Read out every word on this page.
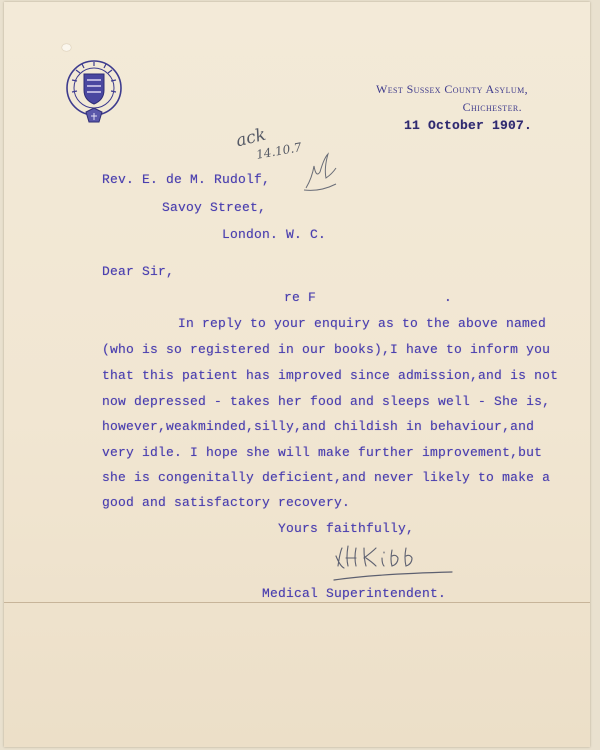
West Sussex County Asylum,
Chichester.
11 October 1907.
ack
14.10.7
Rev. E. de M. Rudolf,
Savoy Street,
London. W. C.
Dear Sir,
re F                .
In reply to your enquiry as to the above named
(who is so registered in our books),I have to inform you
that this patient has improved since admission,and is not
now depressed - takes her food and sleeps well - She is,
however,weakminded,silly,and childish in behaviour,and
very idle. I hope she will make further improvement,but
she is congenitally deficient,and never likely to make a
good and satisfactory recovery.
Yours faithfully,
Medical Superintendent.
